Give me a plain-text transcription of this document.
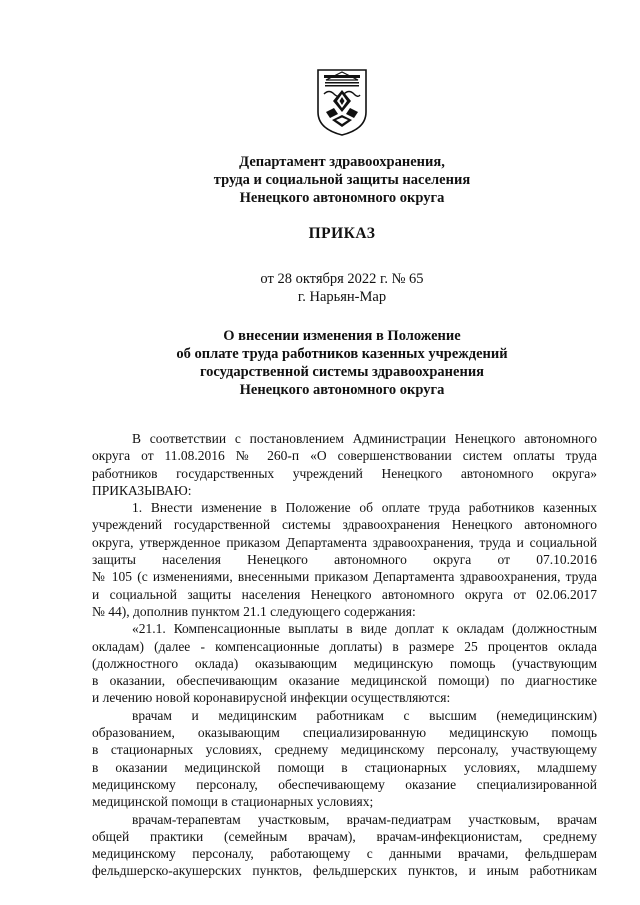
Департамент здравоохранения,
труда и социальной защиты населения
Ненецкого автономного округа
ПРИКАЗ
от 28 октября 2022 г. № 65
г. Нарьян-Мар
О внесении изменения в Положение
об оплате труда работников казенных учреждений
государственной системы здравоохранения
Ненецкого автономного округа

В соответствии с постановлением Администрации Ненецкого автономного
округа от 11.08.2016 № 260-п «О совершенствовании систем оплаты труда
работников государственных учреждений Ненецкого автономного округа»
ПРИКАЗЫВАЮ:

1. Внести изменение в Положение об оплате труда работников казенных
учреждений государственной системы здравоохранения Ненецкого автономного
округа, утвержденное приказом Департамента здравоохранения, труда и социальной
защиты населения Ненецкого автономного округа от 07.10.2016
№ 105 (с изменениями, внесенными приказом Департамента здравоохранения, труда
и социальной защиты населения Ненецкого автономного округа от 02.06.2017
№ 44), дополнив пунктом 21.1 следующего содержания:

«21.1. Компенсационные выплаты в виде доплат к окладам (должностным
окладам) (далее - компенсационные доплаты) в размере 25 процентов оклада
(должностного оклада) оказывающим медицинскую помощь (участвующим
в оказании, обеспечивающим оказание медицинской помощи) по диагностике
и лечению новой коронавирусной инфекции осуществляются:

врачам и медицинским работникам с высшим (немедицинским)
образованием, оказывающим специализированную медицинскую помощь
в стационарных условиях, среднему медицинскому персоналу, участвующему
в оказании медицинской помощи в стационарных условиях, младшему
медицинскому персоналу, обеспечивающему оказание специализированной
медицинской помощи в стационарных условиях;

врачам-терапевтам участковым, врачам-педиатрам участковым, врачам
общей практики (семейным врачам), врачам-инфекционистам, среднему
медицинскому персоналу, работающему с данными врачами, фельдшерам
фельдшерско-акушерских пунктов, фельдшерских пунктов, и иным работникам
